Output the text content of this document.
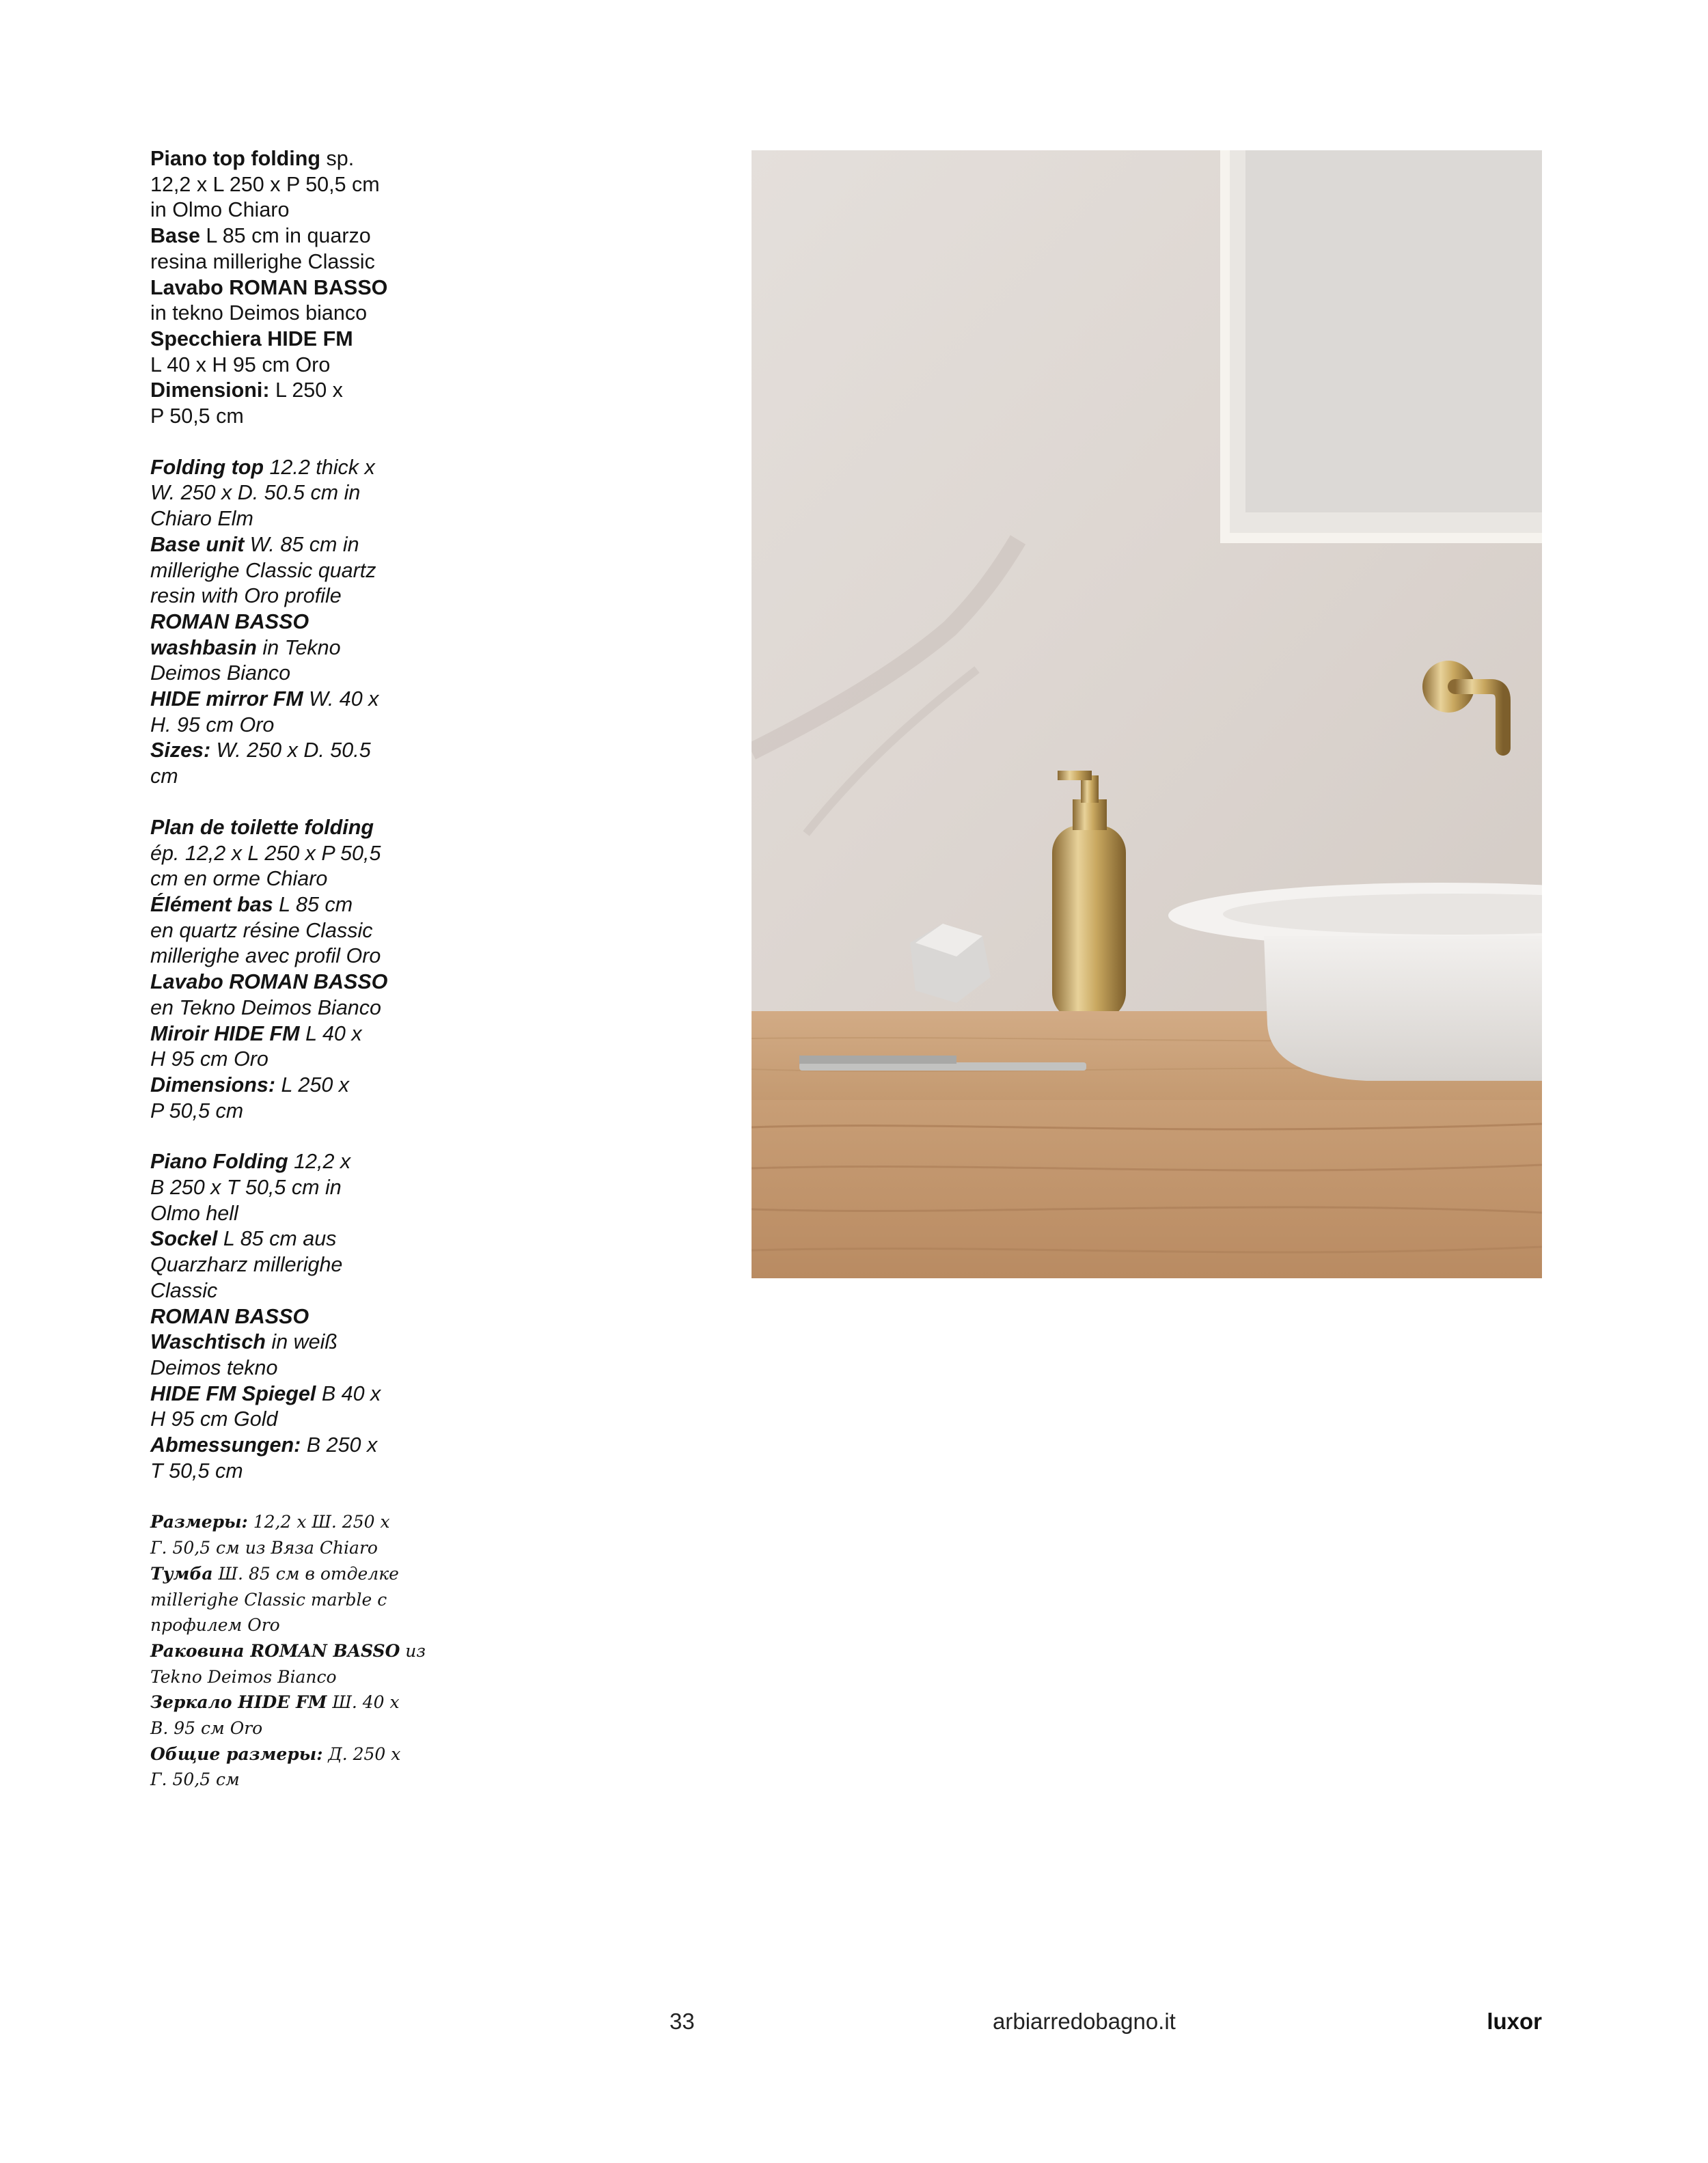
Piano top folding sp.
12,2 x L 250 x P 50,5 cm
in Olmo Chiaro
Base L 85 cm in quarzo
resina millerighe Classic
Lavabo ROMAN BASSO
in tekno Deimos bianco
Specchiera HIDE FM
L 40 x H 95 cm Oro
Dimensioni: L 250 x
P 50,5 cm
Folding top 12.2 thick x
W. 250 x D. 50.5 cm in
Chiaro Elm
Base unit W. 85 cm in
millerighe Classic quartz
resin with Oro profile
ROMAN BASSO
washbasin in Tekno
Deimos Bianco
HIDE mirror FM W. 40 x
H. 95 cm Oro
Sizes: W. 250 x D. 50.5
cm
Plan de toilette folding
ép. 12,2 x L 250 x P 50,5
cm en orme Chiaro
Élément bas L 85 cm
en quartz résine Classic
millerighe avec profil Oro
Lavabo ROMAN BASSO
en Tekno Deimos Bianco
Miroir HIDE FM L 40 x
H 95 cm Oro
Dimensions: L 250 x
P 50,5 cm
Piano Folding 12,2 x
B 250 x T 50,5 cm in
Olmo hell
Sockel L 85 cm aus
Quarzharz millerighe
Classic
ROMAN BASSO
Waschtisch in weiß
Deimos tekno
HIDE FM Spiegel B 40 x
H 95 cm Gold
Abmessungen: B 250 x
T 50,5 cm
Размеры: 12,2 x Ш. 250 x
Г. 50,5 см из Вяза Chiaro
Тумба Ш. 85 см в отделке
millerighe Classic marble с
профилем Oro
Раковина ROMAN BASSO из
Tekno Deimos Bianco
Зеркало HIDE FM Ш. 40 x
В. 95 см Oro
Общие размеры: Д. 250 x
Г. 50,5 см
33	arbiarredobagno.it	luxor
